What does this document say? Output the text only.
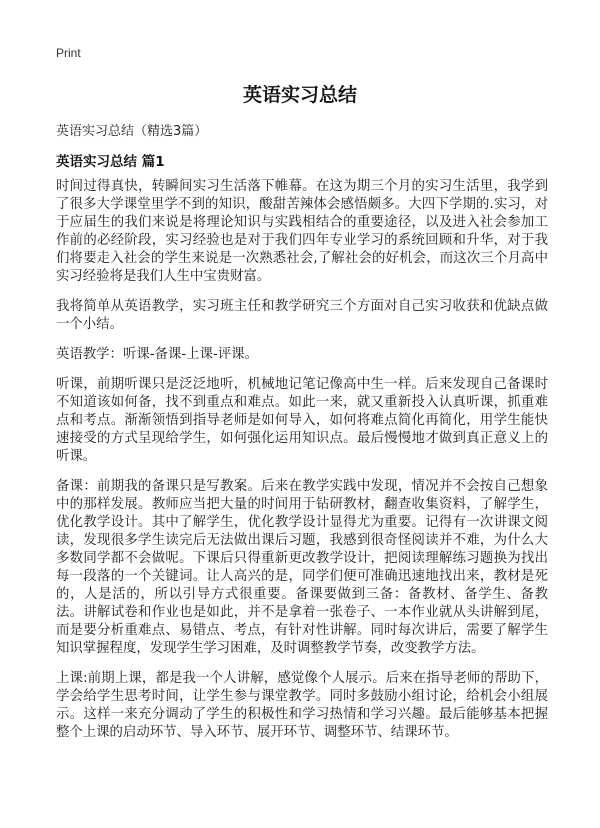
Print
英语实习总结
英语实习总结（精选3篇）
英语实习总结 篇1

时间过得真快，转瞬间实习生活落下帷幕。在这为期三个月的实习生活里，我学到了很多大学课堂里学不到的知识，酸甜苦辣体会感悟颇多。大四下学期的.实习，对于应届生的我们来说是将理论知识与实践相结合的重要途径，以及进入社会参加工作前的必经阶段，实习经验也是对于我们四年专业学习的系统回顾和升华，对于我们将要走入社会的学生来说是一次熟悉社会,了解社会的好机会，而这次三个月高中实习经验将是我们人生中宝贵财富。

我将简单从英语教学，实习班主任和教学研究三个方面对自己实习收获和优缺点做一个小结。

英语教学：听课-备课-上课-评课。

听课，前期听课只是泛泛地听，机械地记笔记像高中生一样。后来发现自己备课时不知道该如何备，找不到重点和难点。如此一来，就又重新投入认真听课，抓重难点和考点。渐渐领悟到指导老师是如何导入，如何将难点简化再简化，用学生能快速接受的方式呈现给学生，如何强化运用知识点。最后慢慢地才做到真正意义上的听课。

备课：前期我的备课只是写教案。后来在教学实践中发现，情况并不会按自己想象中的那样发展。教师应当把大量的时间用于钻研教材，翻查收集资料，了解学生，优化教学设计。其中了解学生，优化教学设计显得尤为重要。记得有一次讲课文阅读，发现很多学生读完后无法做出课后习题，我感到很奇怪阅读并不难，为什么大多数同学都不会做呢。下课后只得重新更改教学设计，把阅读理解练习题换为找出每一段落的一个关键词。让人高兴的是，同学们便可准确迅速地找出来，教材是死的，人是活的，所以引导方式很重要。备课要做到三备：备教材、备学生、备教法。讲解试卷和作业也是如此，并不是拿着一张卷子、一本作业就从头讲解到尾，而是要分析重难点、易错点、考点，有针对性讲解。同时每次讲后，需要了解学生知识掌握程度，发现学生学习困难，及时调整教学节奏，改变教学方法。

上课:前期上课，都是我一个人讲解，感觉像个人展示。后来在指导老师的帮助下，学会给学生思考时间，让学生参与课堂教学。同时多鼓励小组讨论，给机会小组展示。这样一来充分调动了学生的积极性和学习热情和学习兴趣。最后能够基本把握整个上课的启动环节、导入环节、展开环节、调整环节、结课环节。
